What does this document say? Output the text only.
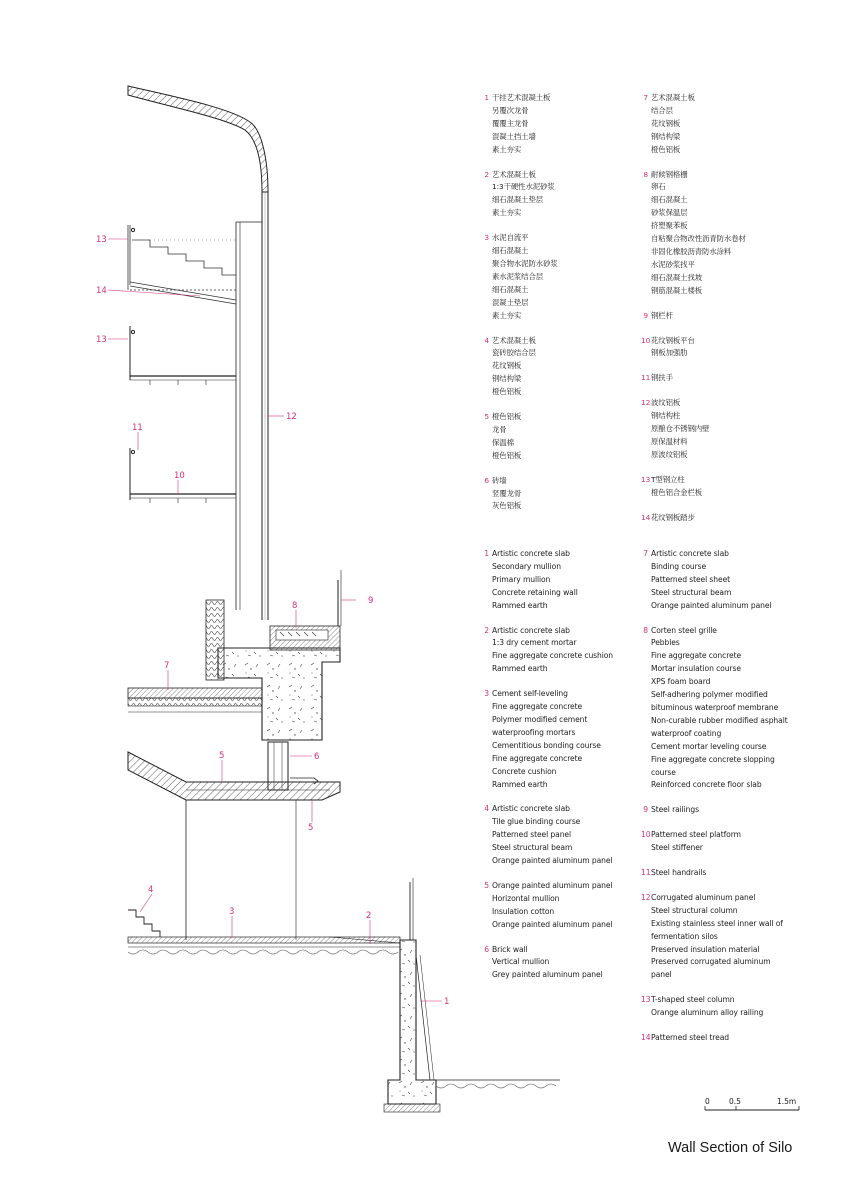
13
14
13
11
10
12
8	9
7
6
5
5
4
3	2
1
1 干挂艺术混凝土板
另覆次龙骨
覆覆主龙骨
混凝土挡土墙
素土夯实
2 艺术混凝土板
1:3干硬性水泥砂浆
细石混凝土垫层
素土夯实
3 水泥自流平
细石混凝土
聚合物水泥防水砂浆
素水泥浆结合层
细石混凝土
混凝土垫层
素土夯实
4 艺术混凝土板
瓷砖胶结合层
花纹钢板
钢结构梁
橙色铝板
5 橙色铝板
龙骨
保温棉
橙色铝板
6 砖墙
竖覆龙骨
灰色铝板
7 艺术混凝土板
结合层
花纹钢板
钢结构梁
橙色铝板
8 耐候钢格栅
卵石
细石混凝土
砂浆保温层
挤塑聚苯板
自粘聚合物改性沥青防水卷材
非固化橡胶沥青防水涂料
水泥砂浆找平
细石混凝土找坡
钢筋混凝土楼板
9 钢栏杆
10 花纹钢板平台
钢板加强肋
11 钢扶手
12 波纹铝板
钢结构柱
原酿仓不锈钢内壁
原保温材料
原波纹铝板
13 T型钢立柱
橙色铝合金栏板
14 花纹钢板踏步
1 Artistic concrete slab
Secondary mullion
Primary mullion
Concrete retaining wall
Rammed earth
2 Artistic concrete slab
1:3 dry cement mortar
Fine aggregate concrete cushion
Rammed earth
3 Cement self-leveling
Fine aggregate concrete
Polymer modified cement
waterproofing mortars
Cementitious bonding course
Fine aggregate concrete
Concrete cushion
Rammed earth
4 Artistic concrete slab
Tile glue binding course
Patterned steel panel
Steel structural beam
Orange painted aluminum panel
5 Orange painted aluminum panel
Horizontal mullion
Insulation cotton
Orange painted aluminum panel
6 Brick wall
Vertical mullion
Grey painted aluminum panel
7 Artistic concrete slab
Binding course
Patterned steel sheet
Steel structural beam
Orange painted aluminum panel
8 Corten steel grille
Pebbles
Fine aggregate concrete
Mortar insulation course
XPS foam board
Self-adhering polymer modified
bituminous waterproof membrane
Non-curable rubber modified asphalt
waterproof coating
Cement mortar leveling course
Fine aggregate concrete slopping
course
Reinforced concrete floor slab
9 Steel railings
10 Patterned steel platform
Steel stiffener
11 Steel handrails
12 Corrugated aluminum panel
Steel structural column
Existing stainless steel inner wall of
fermentation silos
Preserved insulation material
Preserved corrugated aluminum
panel
13 T-shaped steel column
Orange aluminum alloy railing
14 Patterned steel tread
0	0.5	1.5m
Wall Section of Silo
